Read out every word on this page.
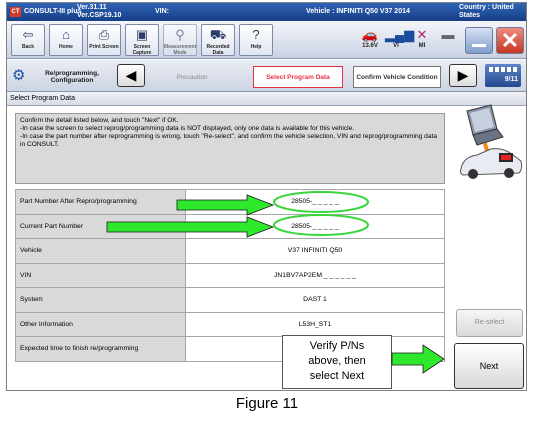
CT CONSULT-III plus
Ver.31.11
Ver.CSP19.10
VIN:	Vehicle : INFINITI Q50 V37 2014
Country : United
States
⇦
Back
⌂
Home
⎙
Print Screen
▣
Screen Capture
⚲
Measurement Mode
⛟
Recorded Data
?
Help
🚗
13.6V
▂▄▆
VI
✕
MI
▬ ✕
⚙	Re/programming, Configuration	◀	Precaution	Select Program Data	Confirm Vehicle Condition	▶	9/11
Select Program Data
Confirm the detail listed below, and touch "Next" if OK.
-In case the screen to select reprog/programming data is NOT displayed, only one data is available for this vehicle.
-In case the part number after reprogramming is wrong, touch "Re-select", and confirm the vehicle selection, VIN and reprog/programming data in CONSULT.
Part Number After Repro/programming	28505-_ _ _ _ _
Current Part Number	28505-_ _ _ _ _
Vehicle	V37 INFINITI Q50
VIN	JN1BV7AP2EM _ _ _ _ _ _
System	DAST 1
Other Information	L53H_ST1
Expected time to finish re/programming	
Re-select
Next
Verify P/Ns
above, then
select Next
Figure 11
